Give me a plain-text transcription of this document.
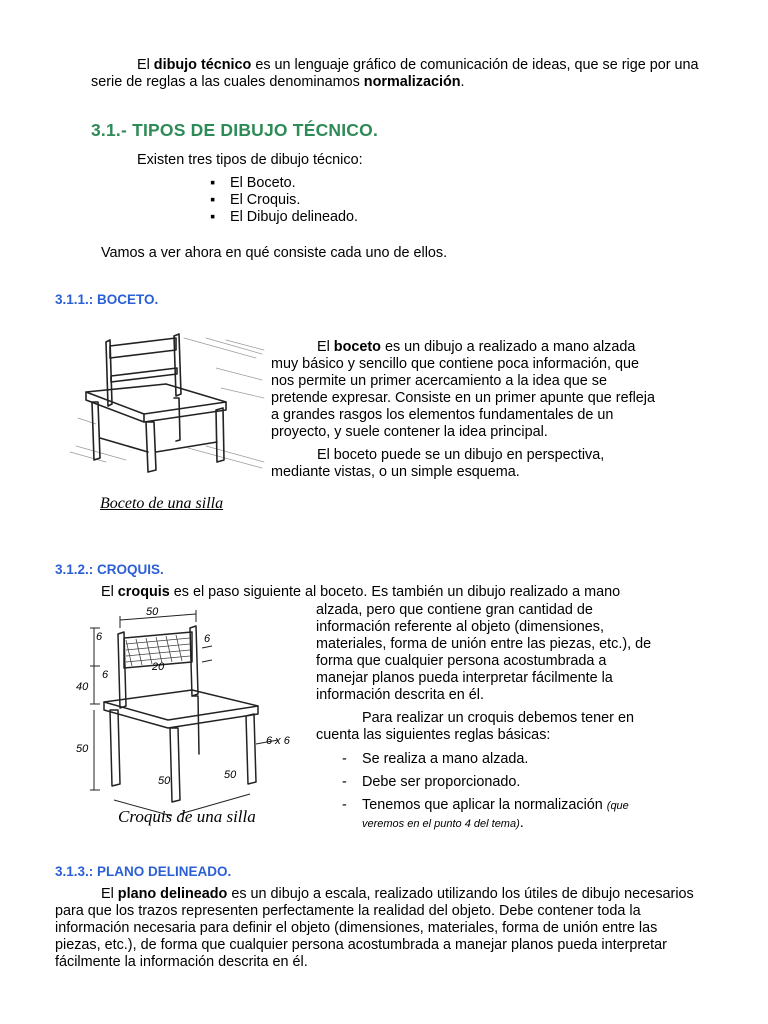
El dibujo técnico es un lenguaje gráfico de comunicación de ideas, que se rige por una serie de reglas a las cuales denominamos normalización.

3.1.- TIPOS DE DIBUJO TÉCNICO.

Existen tres tipos de dibujo técnico:

▪ El Boceto.
▪ El Croquis.
▪ El Dibujo delineado.

Vamos a ver ahora en qué consiste cada uno de ellos.

3.1.1.: BOCETO.
Boceto de una silla

El boceto es un dibujo a realizado a mano alzada muy básico y sencillo que contiene poca información, que nos permite un primer acercamiento a la idea que se pretende expresar. Consiste en un primer apunte que refleja a grandes rasgos los elementos fundamentales de un proyecto, y suele contener la idea principal.

El boceto puede se un dibujo en perspectiva, mediante vistas, o un simple esquema.

3.1.2.: CROQUIS.

El croquis es el paso siguiente al boceto. Es también un dibujo realizado a mano

50
6
6
20
6
40
50
6 x 6
50	50
Croquis de una silla

alzada, pero que contiene gran cantidad de información referente al objeto (dimensiones, materiales, forma de unión entre las piezas, etc.), de forma que cualquier persona acostumbrada a manejar planos pueda interpretar fácilmente la información descrita en él.

Para realizar un croquis debemos tener en cuenta las siguientes reglas básicas:

- Se realiza a mano alzada.
- Debe ser proporcionado.
- Tenemos que aplicar la normalización (que veremos en el punto 4 del tema).
3.1.3.: PLANO DELINEADO.

El plano delineado es un dibujo a escala, realizado utilizando los útiles de dibujo necesarios para que los trazos representen perfectamente la realidad del objeto. Debe contener toda la información necesaria para definir el objeto (dimensiones, materiales, forma de unión entre las piezas, etc.), de forma que cualquier persona acostumbrada a manejar planos pueda interpretar fácilmente la información descrita en él.
